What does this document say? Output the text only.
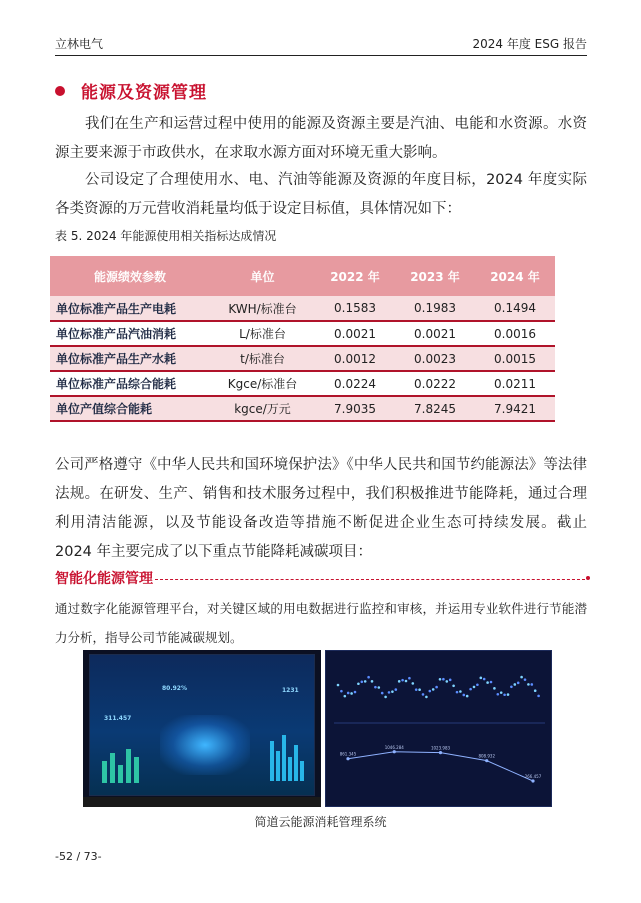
立林电气	2024 年度 ESG 报告
能源及资源管理

我们在生产和运营过程中使用的能源及资源主要是汽油、电能和水资源。水资源主要来源于市政供水，在求取水源方面对环境无重大影响。

公司设定了合理使用水、电、汽油等能源及资源的年度目标，2024 年度实际各类资源的万元营收消耗量均低于设定目标值，具体情况如下：

表 5. 2024 年能源使用相关指标达成情况
能源绩效参数	单位	2022 年	2023 年	2024 年
单位标准产品生产电耗	KWH/标准台	0.1583	0.1983	0.1494
单位标准产品汽油消耗	L/标准台	0.0021	0.0021	0.0016
单位标准产品生产水耗	t/标准台	0.0012	0.0023	0.0015
单位标准产品综合能耗	Kgce/标准台	0.0224	0.0222	0.0211
单位产值综合能耗	kgce/万元	7.9035	7.8245	7.9421

公司严格遵守《中华人民共和国环境保护法》《中华人民共和国节约能源法》等法律法规。在研发、生产、销售和技术服务过程中，我们积极推进节能降耗，通过合理利用清洁能源，以及节能设备改造等措施不断促进企业生态可持续发展。截止 2024 年主要完成了以下重点节能降耗减碳项目：

智能化能源管理

通过数字化能源管理平台，对关键区域的用电数据进行监控和审核，并运用专业软件进行节能潜力分析，指导公司节能减碳规划。

80.92%
311.457
1231
861.345
1046.284	1023.983
808.932
266.457
简道云能源消耗管理系统
-52 / 73-
